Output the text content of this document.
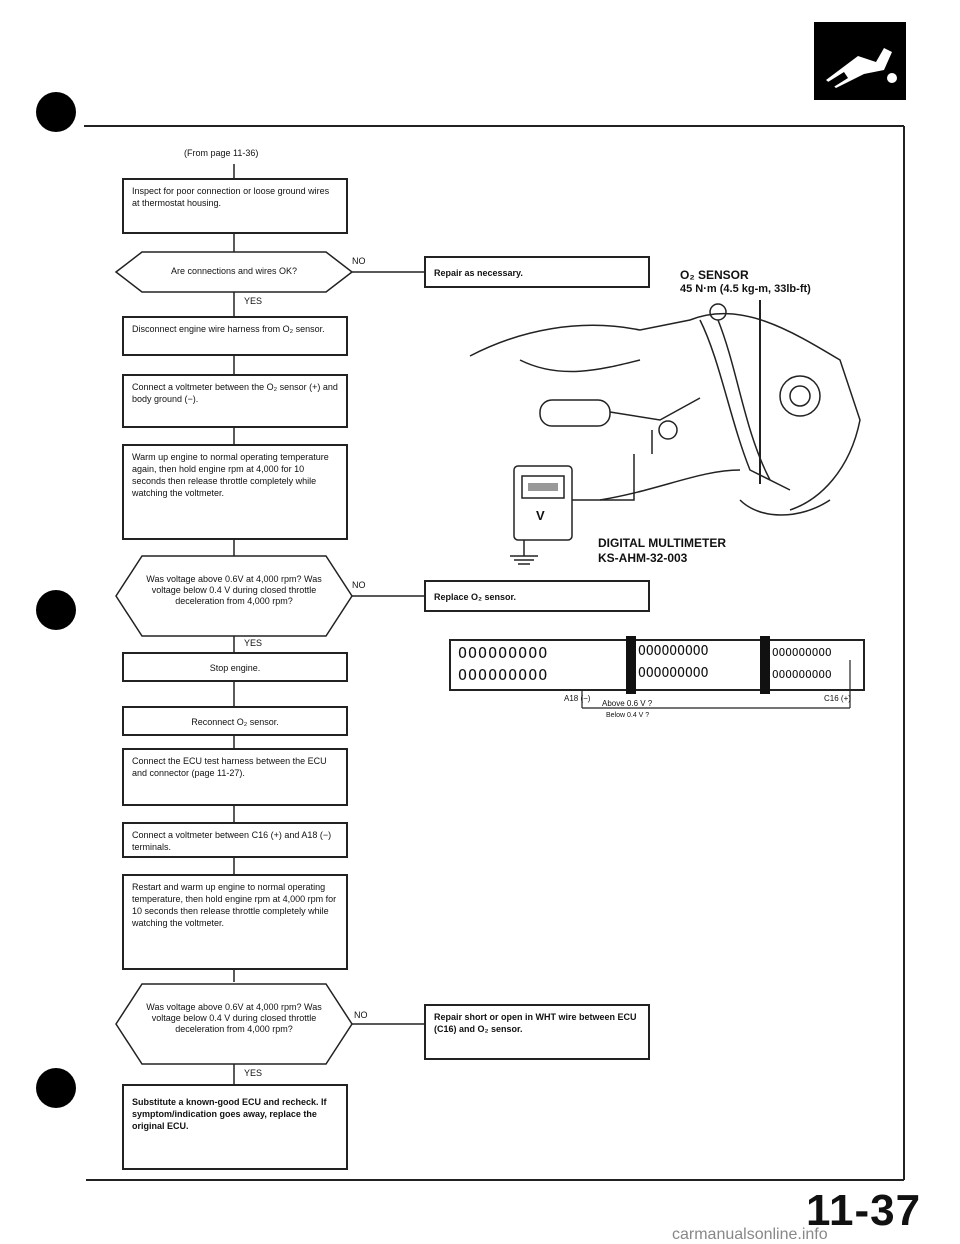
(From page 11-36)
Inspect for poor connection or loose ground wires at thermostat housing.
Are connections and wires OK?
NO
Repair as necessary.
YES
Disconnect engine wire harness from O₂ sensor.
Connect a voltmeter between the O₂ sensor (+) and body ground (−).
Warm up engine to normal operating temperature again, then hold engine rpm at 4,000 for 10 seconds then release throttle completely while watching the voltmeter.
Was voltage above 0.6V at 4,000 rpm? Was voltage below 0.4 V during closed throttle deceleration from 4,000 rpm?
NO
Replace O₂ sensor.
YES
Stop engine.
Reconnect O₂ sensor.
Connect the ECU test harness between the ECU and connector (page 11-27).
Connect a voltmeter between C16 (+) and A18 (−) terminals.
Restart and warm up engine to normal operating temperature, then hold engine rpm at 4,000 rpm for 10 seconds then release throttle completely while watching the voltmeter.
Was voltage above 0.6V at 4,000 rpm? Was voltage below 0.4 V during closed throttle deceleration from 4,000 rpm?
NO	Repair short or open in WHT wire between ECU (C16) and O₂ sensor.
YES
Substitute a known-good ECU and recheck. If symptom/indication goes away, replace the original ECU.
O₂ SENSOR
45 N·m (4.5 kg-m, 33lb-ft)
V
DIGITAL MULTIMETER
KS-AHM-32-003
OOOOOOOOO
OOOOOOOOO
OOOOOOOOO
OOOOOOOOO
OOOOOOOOO
OOOOOOOOO
A18 (−)	C16 (+)
Above 0.6 V ?
Below 0.4 V ?
11-37
carmanualsonline.info
